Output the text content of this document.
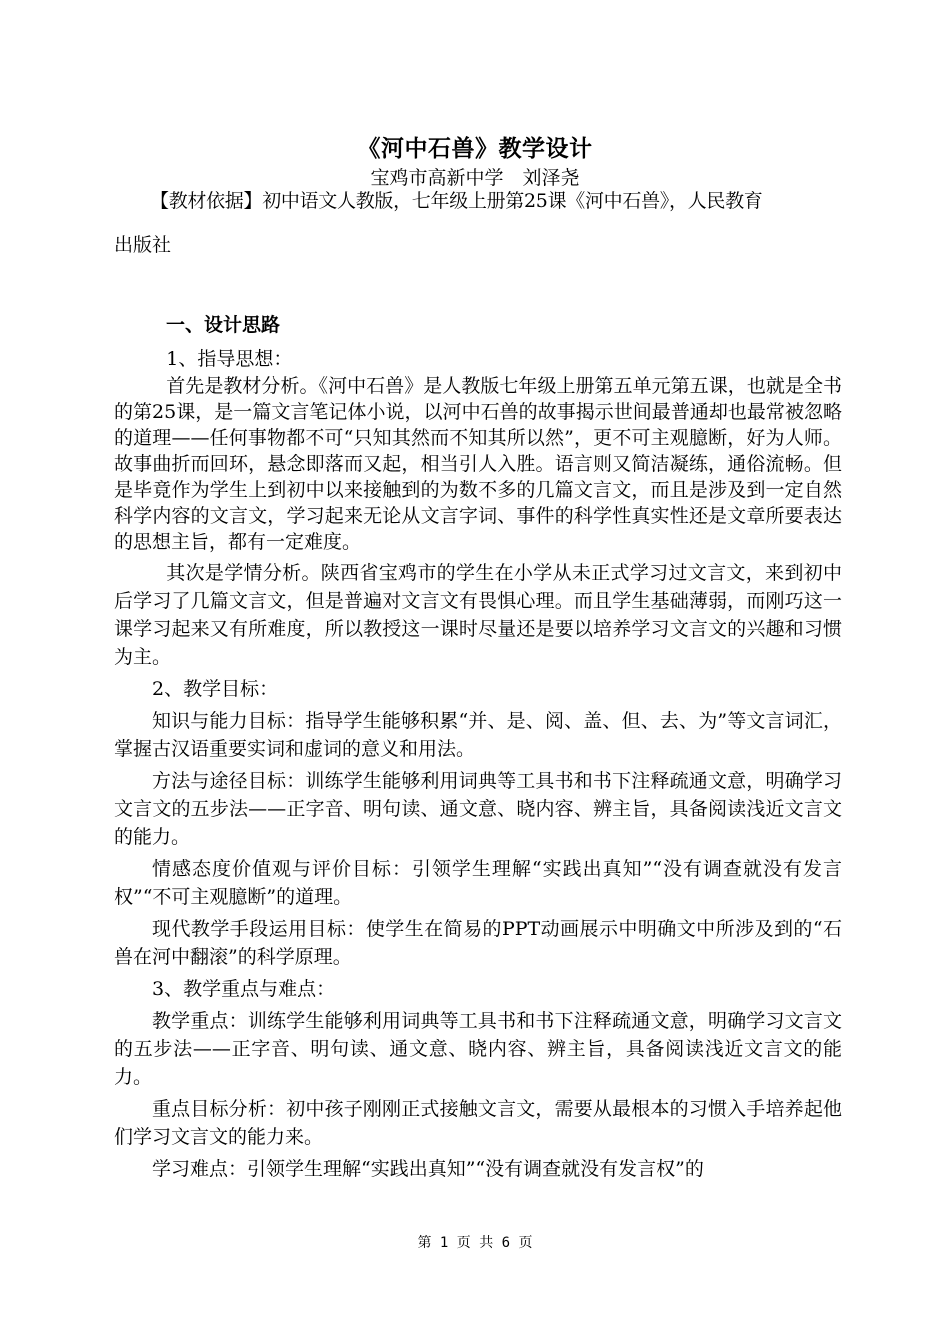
《河中石兽》教学设计
宝鸡市高新中学　刘泽尧

【教材依据】初中语文人教版，七年级上册第25课《河中石兽》，人民教育

出版社

一、设计思路

1、指导思想：

首先是教材分析。《河中石兽》是人教版七年级上册第五单元第五课，也就是全书的第25课，是一篇文言笔记体小说，以河中石兽的故事揭示世间最普通却也最常被忽略的道理——任何事物都不可“只知其然而不知其所以然”，更不可主观臆断，好为人师。故事曲折而回环，悬念即落而又起，相当引人入胜。语言则又简洁凝练，通俗流畅。但是毕竟作为学生上到初中以来接触到的为数不多的几篇文言文，而且是涉及到一定自然科学内容的文言文，学习起来无论从文言字词、事件的科学性真实性还是文章所要表达的思想主旨，都有一定难度。

其次是学情分析。陕西省宝鸡市的学生在小学从未正式学习过文言文，来到初中后学习了几篇文言文，但是普遍对文言文有畏惧心理。而且学生基础薄弱，而刚巧这一课学习起来又有所难度，所以教授这一课时尽量还是要以培养学习文言文的兴趣和习惯为主。

2、教学目标：

知识与能力目标：指导学生能够积累“并、是、阅、盖、但、去、为”等文言词汇，掌握古汉语重要实词和虚词的意义和用法。

方法与途径目标：训练学生能够利用词典等工具书和书下注释疏通文意，明确学习文言文的五步法——正字音、明句读、通文意、晓内容、辨主旨，具备阅读浅近文言文的能力。

情感态度价值观与评价目标：引领学生理解“实践出真知”“没有调查就没有发言权”“不可主观臆断”的道理。

现代教学手段运用目标：使学生在简易的PPT动画展示中明确文中所涉及到的“石兽在河中翻滚”的科学原理。

3、教学重点与难点：

教学重点：训练学生能够利用词典等工具书和书下注释疏通文意，明确学习文言文的五步法——正字音、明句读、通文意、晓内容、辨主旨，具备阅读浅近文言文的能力。

重点目标分析：初中孩子刚刚正式接触文言文，需要从最根本的习惯入手培养起他们学习文言文的能力来。

学习难点：引领学生理解“实践出真知”“没有调查就没有发言权”的

第 1 页 共 6 页
